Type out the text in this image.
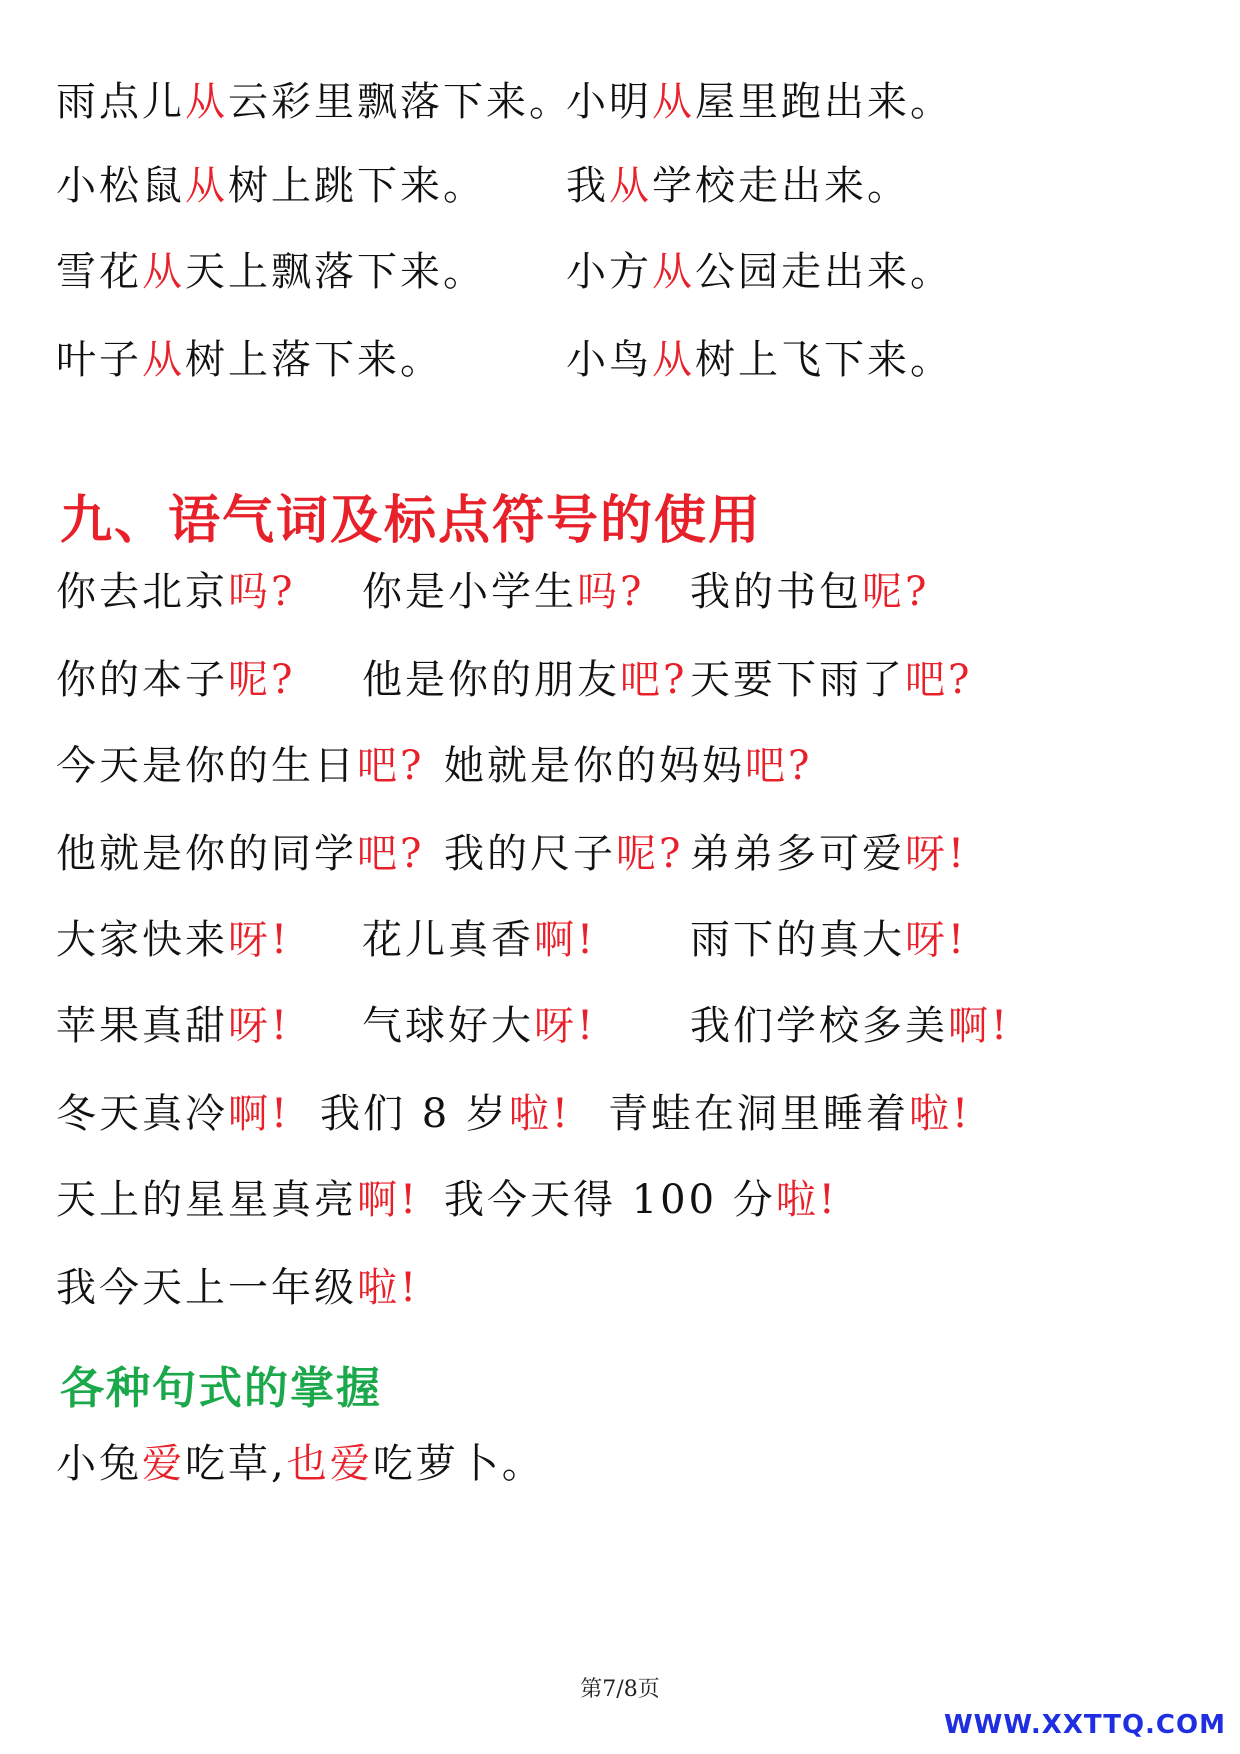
雨点儿从云彩里飘落下来。
小明从屋里跑出来。
小松鼠从树上跳下来。 我从学校走出来。
雪花从天上飘落下来。 小方从公园走出来。
叶子从树上落下来。	小鸟从树上飞下来。
九、语气词及标点符号的使用
你去北京吗? 你是小学生吗? 我的书包呢?
你的本子呢? 他是你的朋友吧? 天要下雨了吧?
今天是你的生日吧? 她就是你的妈妈吧?
他就是你的同学吧? 我的尺子呢? 弟弟多可爱呀!
大家快来呀! 花儿真香啊! 雨下的真大呀!
苹果真甜呀! 气球好大呀! 我们学校多美啊!
冬天真冷啊! 我们 8 岁啦! 青蛙在洞里睡着啦!
天上的星星真亮啊! 我今天得 100 分啦!
我今天上一年级啦!
各种句式的掌握
小兔爱吃草,也爱吃萝卜。
第7/8页
WWW.XXTTQ.COM
